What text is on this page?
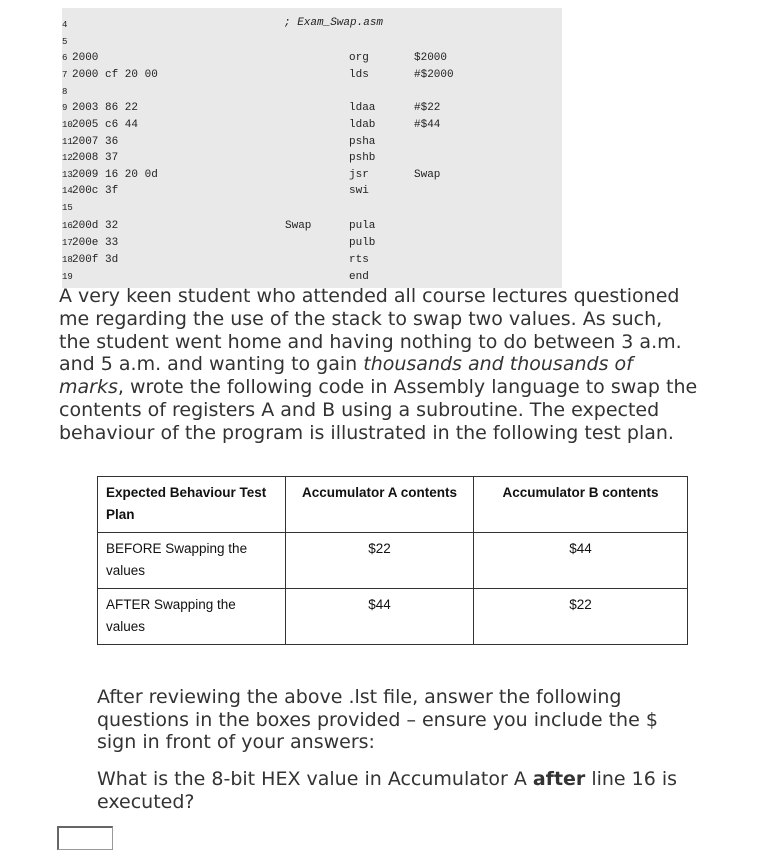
; Exam_Swap.asm
4
5
6 2000	org	$2000
7 2000 cf 20 00	lds	#$2000
8
9 2003 86 22	ldaa	#$22
10 2005 c6 44	ldab	#$44
11 2007 36	psha
12 2008 37	pshb
13 2009 16 20 0d	jsr	Swap
14 200c 3f	swi
15
16 200d 32	Swap	pula
17 200e 33	pulb
18 200f 3d	rts
19	end

A very keen student who attended all course lectures questioned me regarding the use of the stack to swap two values. As such, the student went home and having nothing to do between 3 a.m. and 5 a.m. and wanting to gain thousands and thousands of marks, wrote the following code in Assembly language to swap the contents of registers A and B using a subroutine. The expected behaviour of the program is illustrated in the following test plan.

Expected Behaviour Test Plan	Accumulator A contents	Accumulator B contents
BEFORE Swapping the values	$22	$44
AFTER Swapping the values	$44	$22

After reviewing the above .lst file, answer the following questions in the boxes provided – ensure you include the $ sign in front of your answers:

What is the 8-bit HEX value in Accumulator A after line 16 is executed?
